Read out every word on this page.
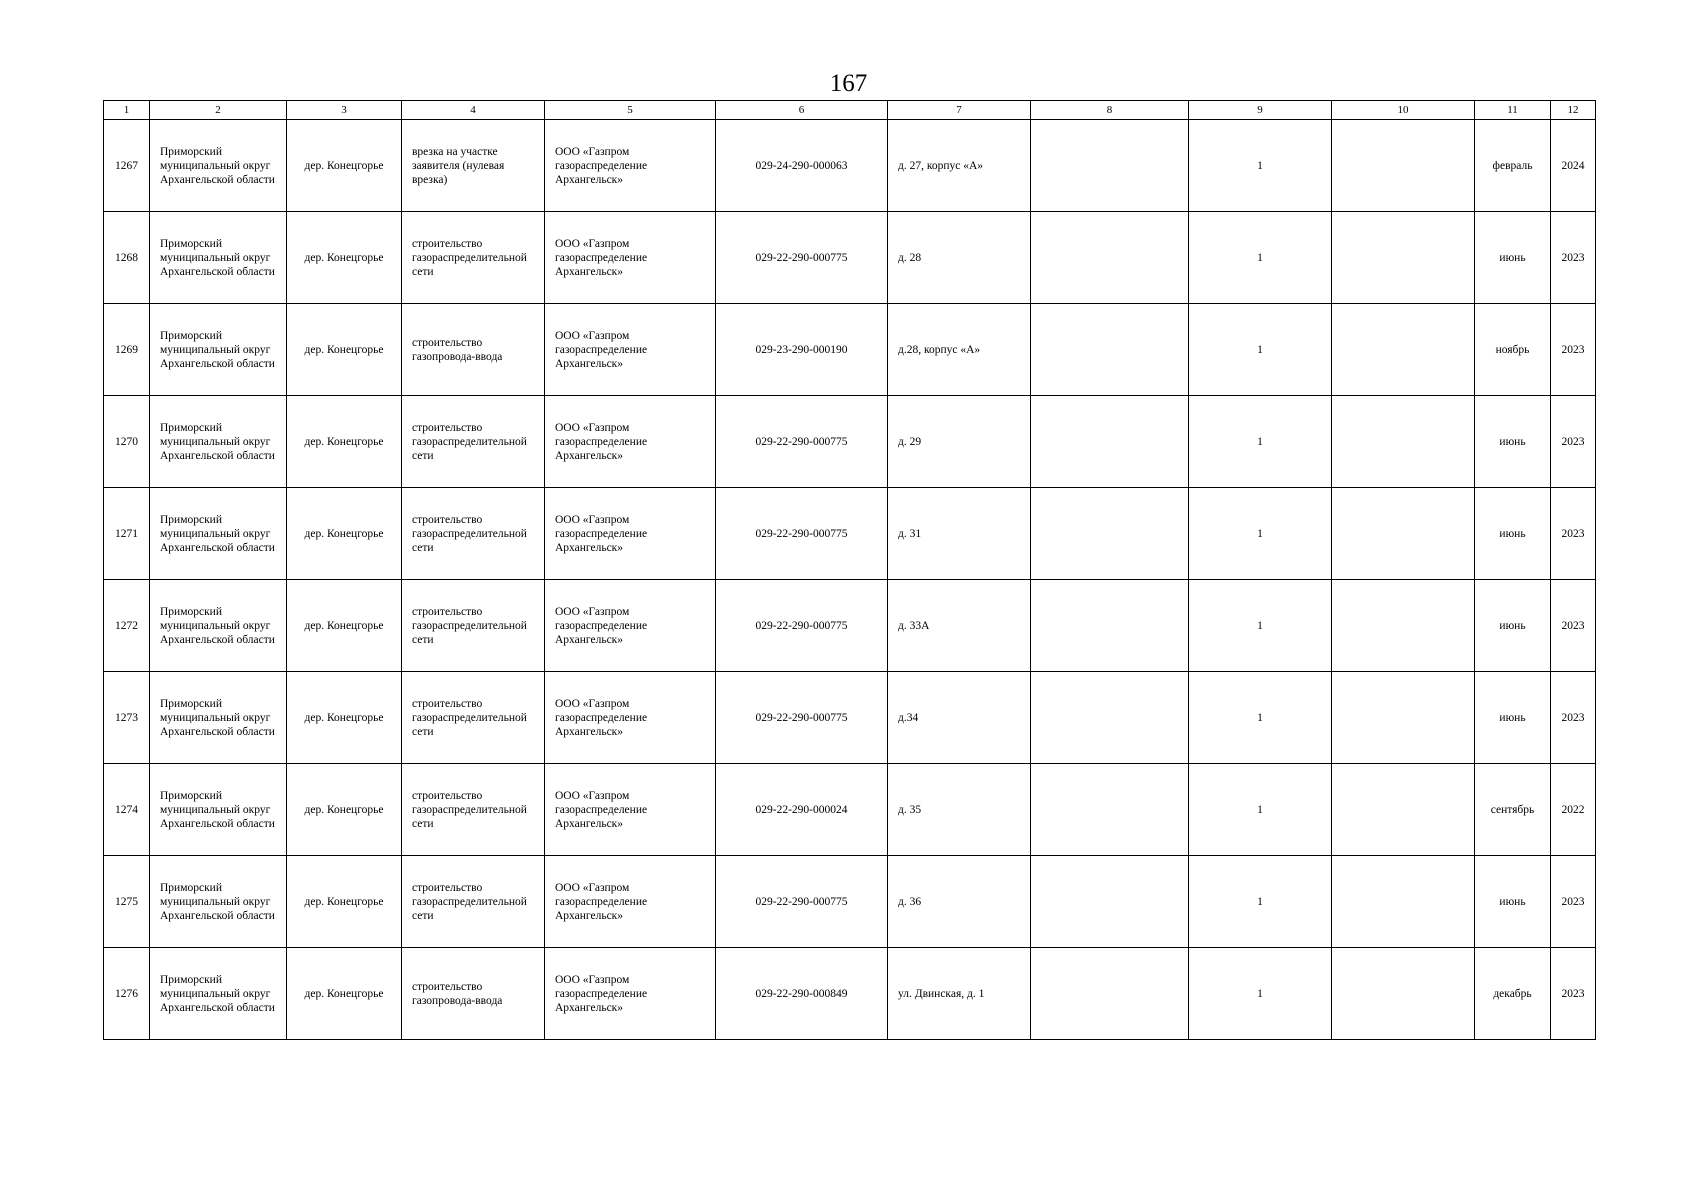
167
1	2	3	4	5	6	7	8	9	10	11	12
1267	Приморский муниципальный округ Архангельской области	дер. Конецгорье	врезка на участке заявителя (нулевая врезка)	ООО «Газпром газораспределение Архангельск»	029-24-290-000063	д. 27, корпус «А»		1		февраль	2024
1268	Приморский муниципальный округ Архангельской области	дер. Конецгорье	строительство газораспределительной сети	ООО «Газпром газораспределение Архангельск»	029-22-290-000775	д. 28		1		июнь	2023
1269	Приморский муниципальный округ Архангельской области	дер. Конецгорье	строительство газопровода-ввода	ООО «Газпром газораспределение Архангельск»	029-23-290-000190	д.28, корпус «А»		1		ноябрь	2023
1270	Приморский муниципальный округ Архангельской области	дер. Конецгорье	строительство газораспределительной сети	ООО «Газпром газораспределение Архангельск»	029-22-290-000775	д. 29		1		июнь	2023
1271	Приморский муниципальный округ Архангельской области	дер. Конецгорье	строительство газораспределительной сети	ООО «Газпром газораспределение Архангельск»	029-22-290-000775	д. 31		1		июнь	2023
1272	Приморский муниципальный округ Архангельской области	дер. Конецгорье	строительство газораспределительной сети	ООО «Газпром газораспределение Архангельск»	029-22-290-000775	д. 33А		1		июнь	2023
1273	Приморский муниципальный округ Архангельской области	дер. Конецгорье	строительство газораспределительной сети	ООО «Газпром газораспределение Архангельск»	029-22-290-000775	д.34		1		июнь	2023
1274	Приморский муниципальный округ Архангельской области	дер. Конецгорье	строительство газораспределительной сети	ООО «Газпром газораспределение Архангельск»	029-22-290-000024	д. 35		1		сентябрь	2022
1275	Приморский муниципальный округ Архангельской области	дер. Конецгорье	строительство газораспределительной сети	ООО «Газпром газораспределение Архангельск»	029-22-290-000775	д. 36		1		июнь	2023
1276	Приморский муниципальный округ Архангельской области	дер. Конецгорье	строительство газопровода-ввода	ООО «Газпром газораспределение Архангельск»	029-22-290-000849	ул. Двинская, д. 1		1		декабрь	2023
